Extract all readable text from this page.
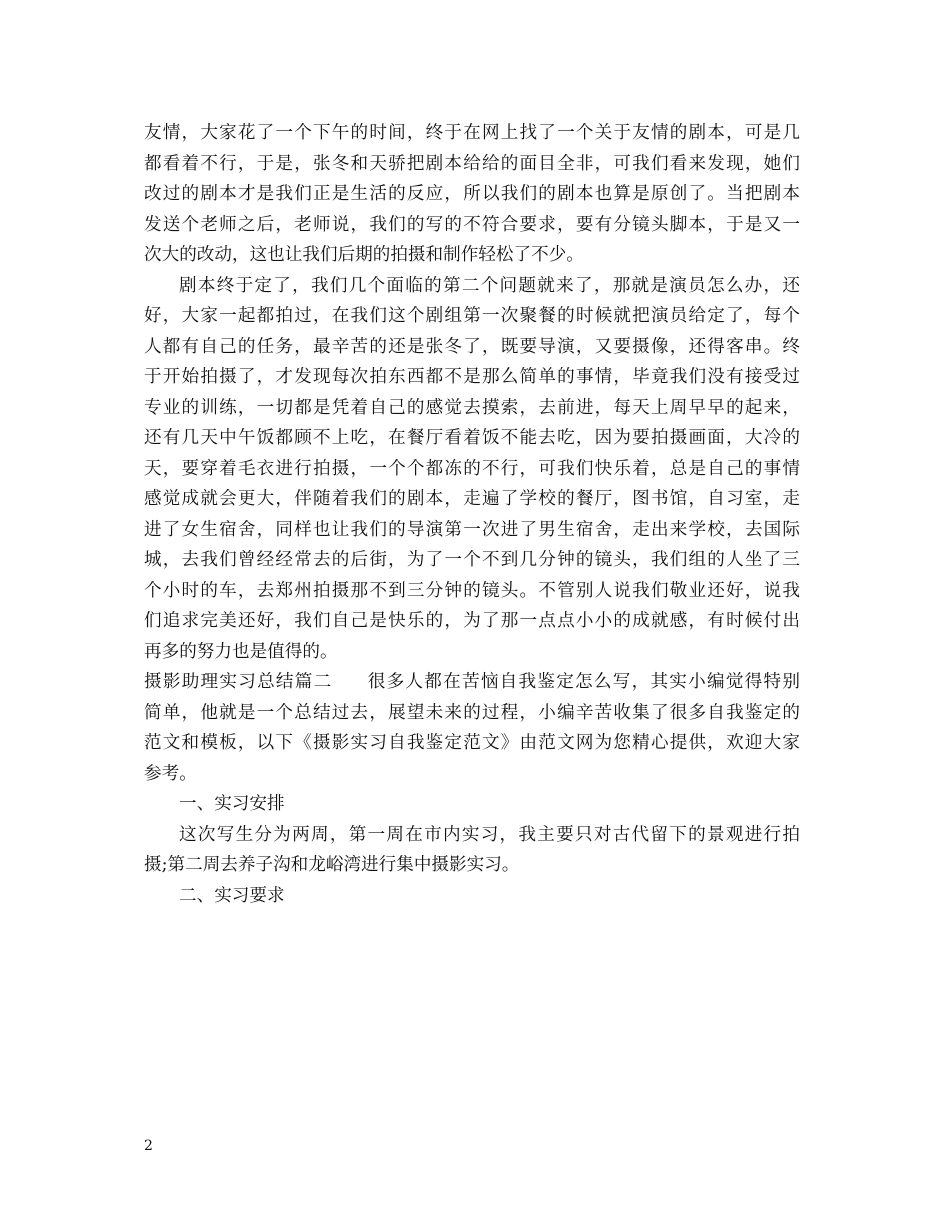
友情，大家花了一个下午的时间，终于在网上找了一个关于友情的剧本，可是几
都看着不行，于是，张冬和天骄把剧本给给的面目全非，可我们看来发现，她们
改过的剧本才是我们正是生活的反应，所以我们的剧本也算是原创了。当把剧本
发送个老师之后，老师说，我们的写的不符合要求，要有分镜头脚本，于是又一
次大的改动，这也让我们后期的拍摄和制作轻松了不少。
剧本终于定了，我们几个面临的第二个问题就来了，那就是演员怎么办，还
好，大家一起都拍过，在我们这个剧组第一次聚餐的时候就把演员给定了，每个
人都有自己的任务，最辛苦的还是张冬了，既要导演，又要摄像，还得客串。终
于开始拍摄了，才发现每次拍东西都不是那么简单的事情，毕竟我们没有接受过
专业的训练，一切都是凭着自己的感觉去摸索，去前进，每天上周早早的起来，
还有几天中午饭都顾不上吃，在餐厅看着饭不能去吃，因为要拍摄画面，大冷的
天，要穿着毛衣进行拍摄，一个个都冻的不行，可我们快乐着，总是自己的事情
感觉成就会更大，伴随着我们的剧本，走遍了学校的餐厅，图书馆，自习室，走
进了女生宿舍，同样也让我们的导演第一次进了男生宿舍，走出来学校，去国际
城，去我们曾经经常去的后街，为了一个不到几分钟的镜头，我们组的人坐了三
个小时的车，去郑州拍摄那不到三分钟的镜头。不管别人说我们敬业还好，说我
们追求完美还好，我们自己是快乐的，为了那一点点小小的成就感，有时候付出
再多的努力也是值得的。
摄影助理实习总结篇二 很多人都在苦恼自我鉴定怎么写，其实小编觉得特别
简单，他就是一个总结过去，展望未来的过程，小编辛苦收集了很多自我鉴定的
范文和模板，以下《摄影实习自我鉴定范文》由范文网为您精心提供，欢迎大家
参考。
一、实习安排
这次写生分为两周，第一周在市内实习，我主要只对古代留下的景观进行拍
摄;第二周去养子沟和龙峪湾进行集中摄影实习。
二、实习要求
2
